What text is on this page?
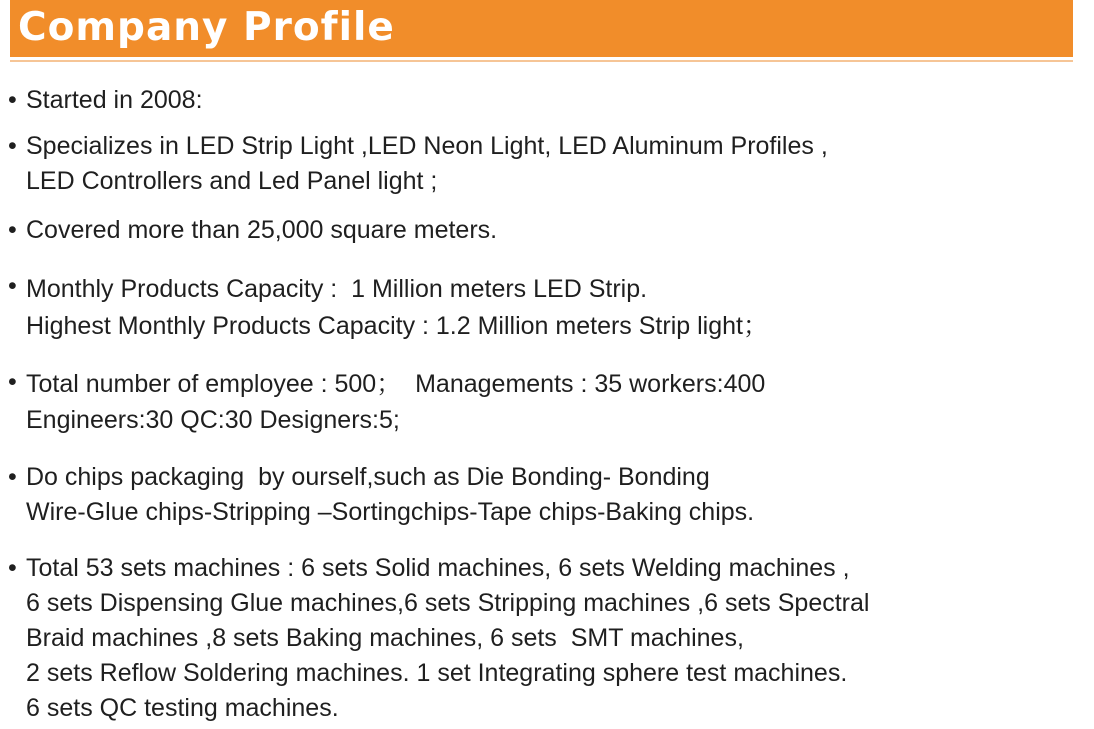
Company Profile
• Started in 2008:
• Specializes in LED Strip Light ,LED Neon Light, LED Aluminum Profiles ,
LED Controllers and Led Panel light ;
• Covered more than 25,000 square meters.
• Monthly Products Capacity :  1 Million meters LED Strip.
Highest Monthly Products Capacity : 1.2 Million meters Strip light；
• Total number of employee : 500；  Managements : 35 workers:400
Engineers:30 QC:30 Designers:5;
• Do chips packaging  by ourself,such as Die Bonding- Bonding
Wire-Glue chips-Stripping –Sortingchips-Tape chips-Baking chips.
• Total 53 sets machines : 6 sets Solid machines, 6 sets Welding machines ,
6 sets Dispensing Glue machines,6 sets Stripping machines ,6 sets Spectral
Braid machines ,8 sets Baking machines, 6 sets  SMT machines,
2 sets Reflow Soldering machines. 1 set Integrating sphere test machines.
6 sets QC testing machines.
